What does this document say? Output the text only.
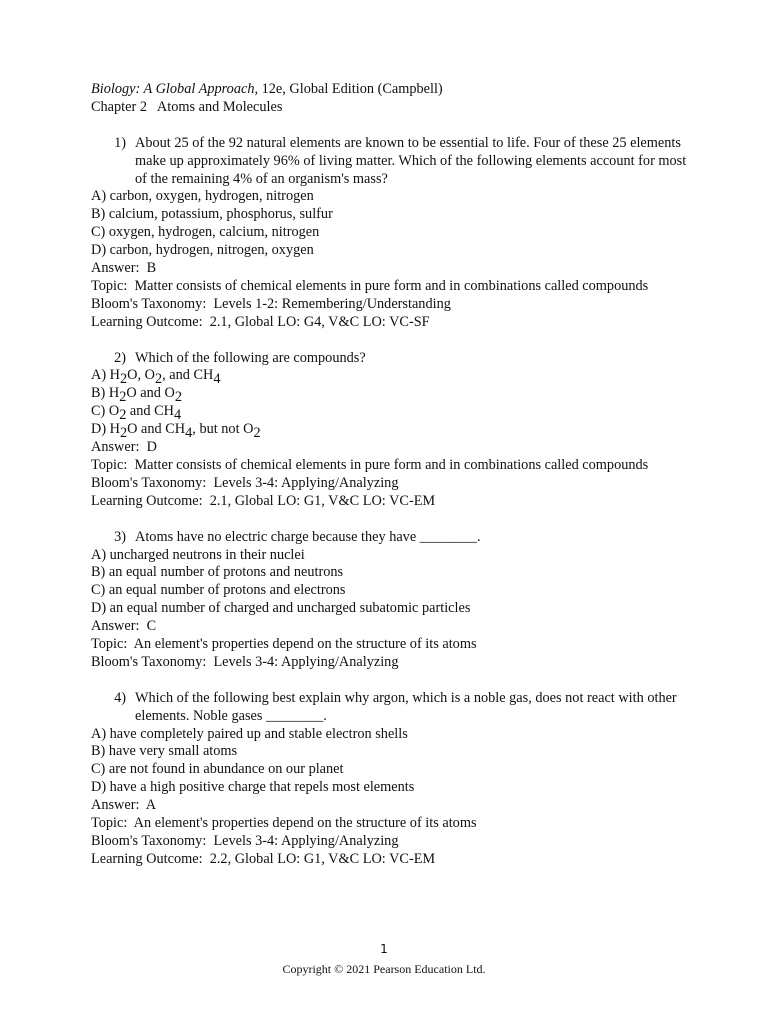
Biology: A Global Approach, 12e, Global Edition (Campbell)
Chapter 2   Atoms and Molecules
1) About 25 of the 92 natural elements are known to be essential to life. Four of these 25 elements make up approximately 96% of living matter. Which of the following elements account for most of the remaining 4% of an organism's mass?
A) carbon, oxygen, hydrogen, nitrogen
B) calcium, potassium, phosphorus, sulfur
C) oxygen, hydrogen, calcium, nitrogen
D) carbon, hydrogen, nitrogen, oxygen
Answer:  B
Topic:  Matter consists of chemical elements in pure form and in combinations called compounds
Bloom's Taxonomy:  Levels 1-2: Remembering/Understanding
Learning Outcome:  2.1, Global LO: G4, V&C LO: VC-SF
2) Which of the following are compounds?
A) H2O, O2, and CH4
B) H2O and O2
C) O2 and CH4
D) H2O and CH4, but not O2
Answer:  D
Topic:  Matter consists of chemical elements in pure form and in combinations called compounds
Bloom's Taxonomy:  Levels 3-4: Applying/Analyzing
Learning Outcome:  2.1, Global LO: G1, V&C LO: VC-EM
3) Atoms have no electric charge because they have ________.
A) uncharged neutrons in their nuclei
B) an equal number of protons and neutrons
C) an equal number of protons and electrons
D) an equal number of charged and uncharged subatomic particles
Answer:  C
Topic:  An element's properties depend on the structure of its atoms
Bloom's Taxonomy:  Levels 3-4: Applying/Analyzing
4) Which of the following best explain why argon, which is a noble gas, does not react with other elements. Noble gases ________.
A) have completely paired up and stable electron shells
B) have very small atoms
C) are not found in abundance on our planet
D) have a high positive charge that repels most elements
Answer:  A
Topic:  An element's properties depend on the structure of its atoms
Bloom's Taxonomy:  Levels 3-4: Applying/Analyzing
Learning Outcome:  2.2, Global LO: G1, V&C LO: VC-EM
1
Copyright © 2021 Pearson Education Ltd.
